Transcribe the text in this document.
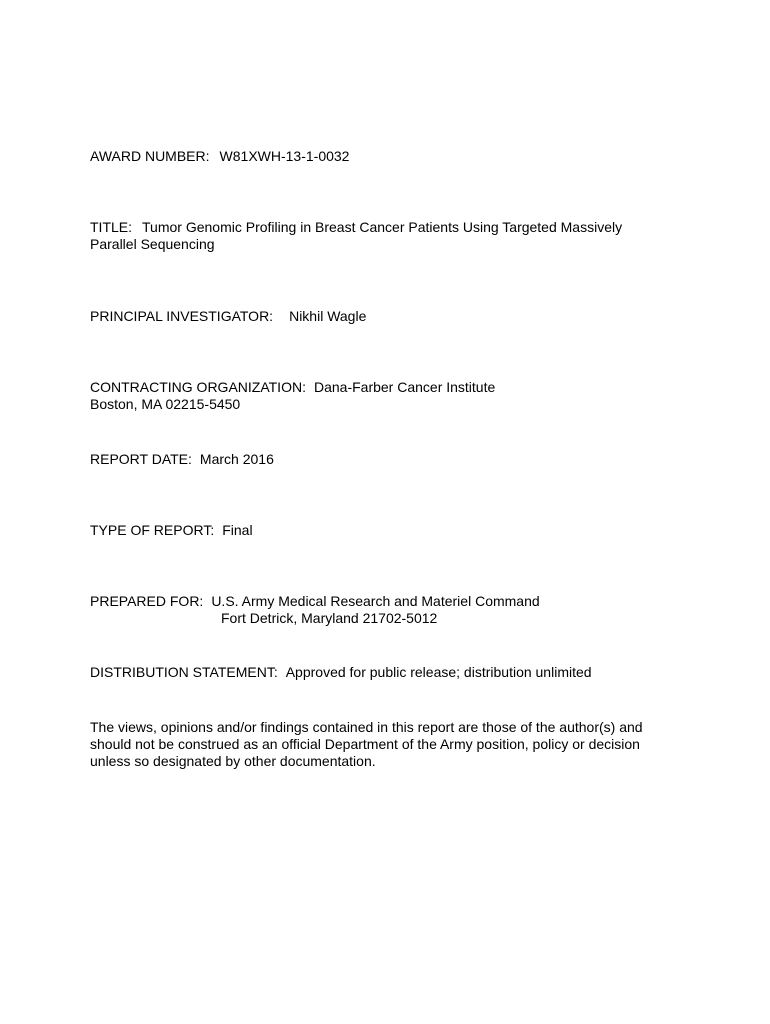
AWARD NUMBER: W81XWH-13-1-0032
TITLE: Tumor Genomic Profiling in Breast Cancer Patients Using Targeted Massively
Parallel Sequencing
PRINCIPAL INVESTIGATOR: Nikhil Wagle
CONTRACTING ORGANIZATION: Dana-Farber Cancer Institute
Boston, MA 02215-5450
REPORT DATE: March 2016
TYPE OF REPORT: Final
PREPARED FOR: U.S. Army Medical Research and Materiel Command
Fort Detrick, Maryland 21702-5012
DISTRIBUTION STATEMENT: Approved for public release; distribution unlimited
The views, opinions and/or findings contained in this report are those of the author(s) and
should not be construed as an official Department of the Army position, policy or decision
unless so designated by other documentation.
